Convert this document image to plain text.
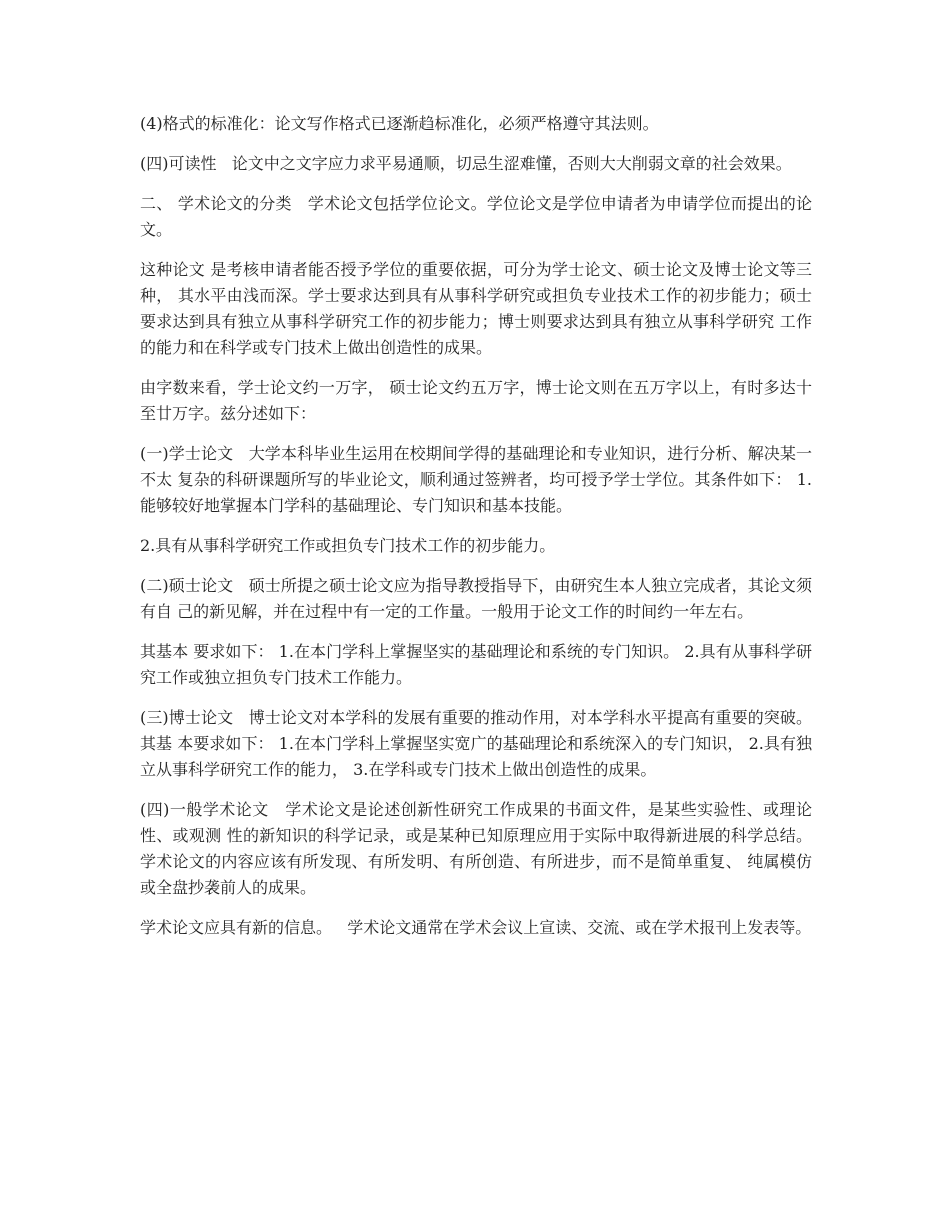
(4)格式的标准化：论文写作格式已逐渐趋标准化，必须严格遵守其法则。

(四)可读性   论文中之文字应力求平易通顺，切忌生涩难懂，否则大大削弱文章的社会效果。

二、 学术论文的分类   学术论文包括学位论文。学位论文是学位申请者为申请学位而提出的论文。

这种论文 是考核申请者能否授予学位的重要依据，可分为学士论文、硕士论文及博士论文等三种， 其水平由浅而深。学士要求达到具有从事科学研究或担负专业技术工作的初步能力；硕士 要求达到具有独立从事科学研究工作的初步能力；博士则要求达到具有独立从事科学研究 工作的能力和在科学或专门技术上做出创造性的成果。

由字数来看，学士论文约一万字， 硕士论文约五万字，博士论文则在五万字以上，有时多达十至廿万字。兹分述如下：

(一)学士论文   大学本科毕业生运用在校期间学得的基础理论和专业知识，进行分析、解决某一不太 复杂的科研课题所写的毕业论文，顺利通过签辨者，均可授予学士学位。其条件如下： 1.能够较好地掌握本门学科的基础理论、专门知识和基本技能。

2.具有从事科学研究工作或担负专门技术工作的初步能力。

(二)硕士论文   硕士所提之硕士论文应为指导教授指导下，由研究生本人独立完成者，其论文须有自 己的新见解，并在过程中有一定的工作量。一般用于论文工作的时间约一年左右。

其基本 要求如下： 1.在本门学科上掌握坚实的基础理论和系统的专门知识。 2.具有从事科学研究工作或独立担负专门技术工作能力。

(三)博士论文   博士论文对本学科的发展有重要的推动作用，对本学科水平提高有重要的突破。其基 本要求如下： 1.在本门学科上掌握坚实宽广的基础理论和系统深入的专门知识， 2.具有独立从事科学研究工作的能力， 3.在学科或专门技术上做出创造性的成果。

(四)一般学术论文   学术论文是论述创新性研究工作成果的书面文件，是某些实验性、或理论性、或观测 性的新知识的科学记录，或是某种已知原理应用于实际中取得新进展的科学总结。   学术论文的内容应该有所发现、有所发明、有所创造、有所进步，而不是简单重复、 纯属模仿或全盘抄袭前人的成果。

学术论文应具有新的信息。   学术论文通常在学术会议上宣读、交流、或在学术报刊上发表等。
